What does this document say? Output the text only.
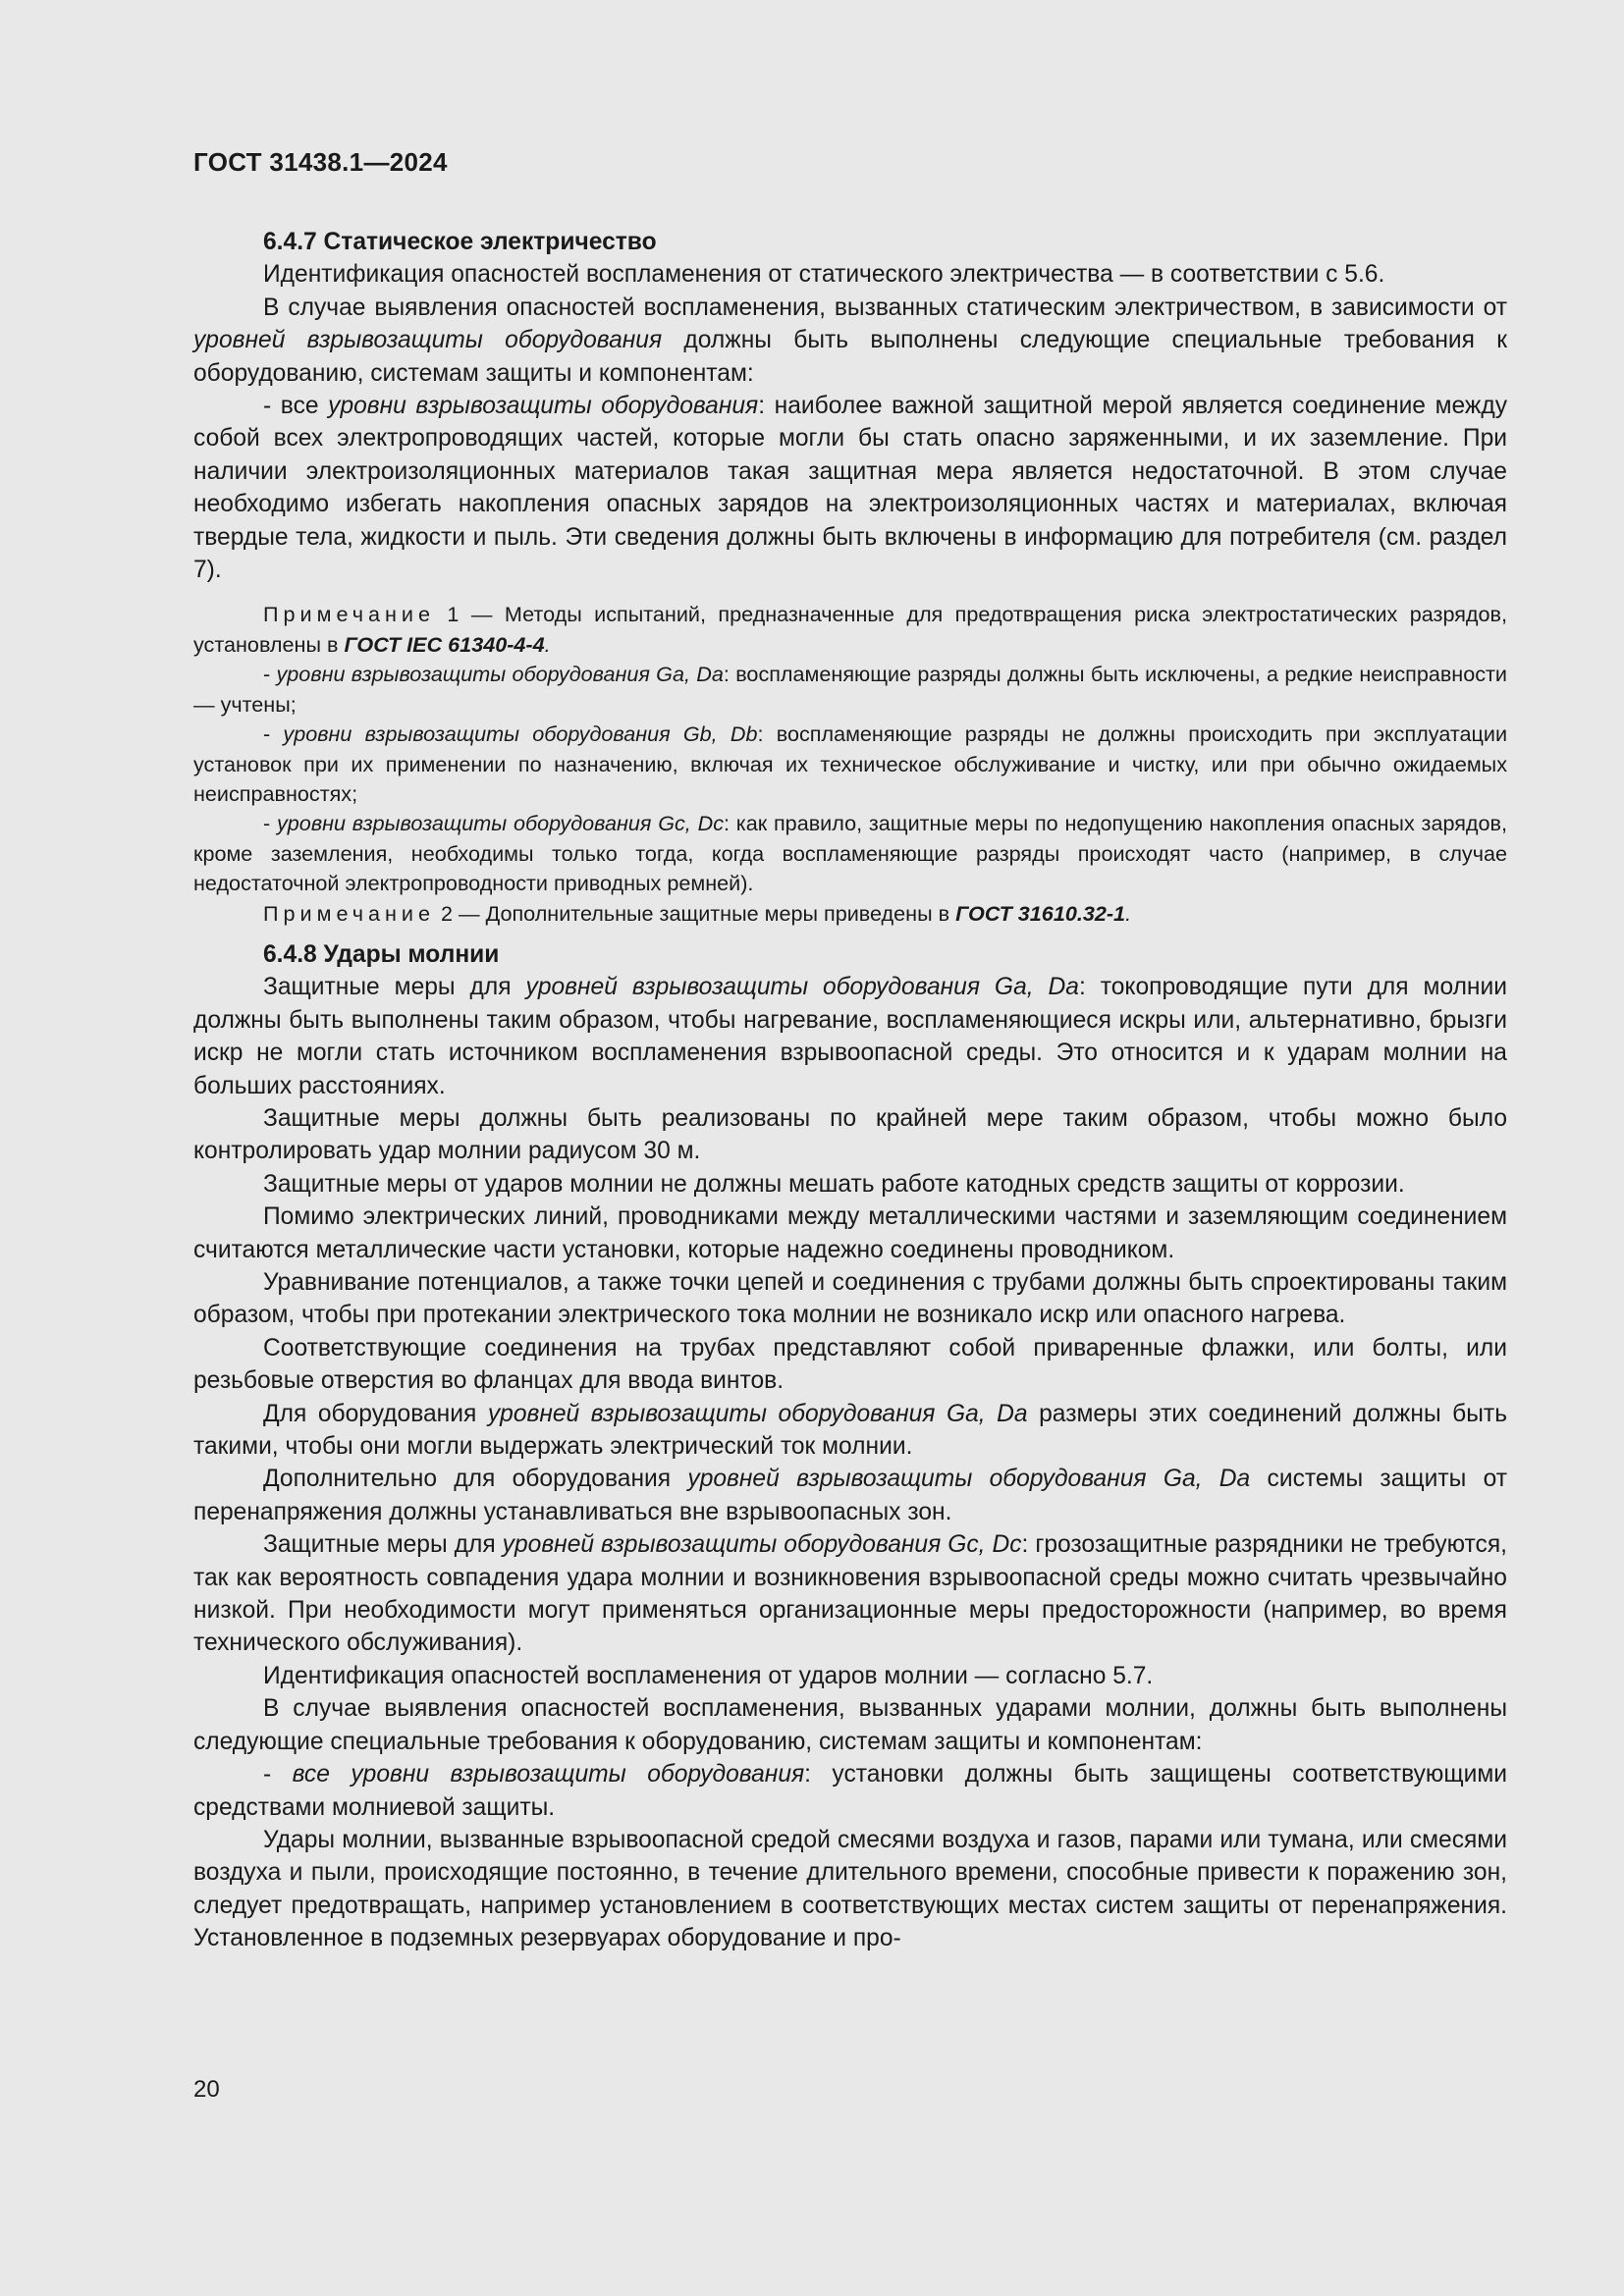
ГОСТ 31438.1—2024
6.4.7 Статическое электричество

Идентификация опасностей воспламенения от статического электричества — в соответствии с 5.6.

В случае выявления опасностей воспламенения, вызванных статическим электричеством, в зависимости от уровней взрывозащиты оборудования должны быть выполнены следующие специальные требования к оборудованию, системам защиты и компонентам:

- все уровни взрывозащиты оборудования: наиболее важной защитной мерой является соединение между собой всех электропроводящих частей, которые могли бы стать опасно заряженными, и их заземление. При наличии электроизоляционных материалов такая защитная мера является недостаточной. В этом случае необходимо избегать накопления опасных зарядов на электроизоляционных частях и материалах, включая твердые тела, жидкости и пыль. Эти сведения должны быть включены в информацию для потребителя (см. раздел 7).

Примечание 1 — Методы испытаний, предназначенные для предотвращения риска электростатических разрядов, установлены в ГОСТ IEC 61340-4-4.

- уровни взрывозащиты оборудования Ga, Da: воспламеняющие разряды должны быть исключены, а редкие неисправности — учтены;

- уровни взрывозащиты оборудования Gb, Db: воспламеняющие разряды не должны происходить при эксплуатации установок при их применении по назначению, включая их техническое обслуживание и чистку, или при обычно ожидаемых неисправностях;

- уровни взрывозащиты оборудования Gc, Dc: как правило, защитные меры по недопущению накопления опасных зарядов, кроме заземления, необходимы только тогда, когда воспламеняющие разряды происходят часто (например, в случае недостаточной электропроводности приводных ремней).

Примечание 2 — Дополнительные защитные меры приведены в ГОСТ 31610.32-1.

6.4.8 Удары молнии

Защитные меры для уровней взрывозащиты оборудования Ga, Da: токопроводящие пути для молнии должны быть выполнены таким образом, чтобы нагревание, воспламеняющиеся искры или, альтернативно, брызги искр не могли стать источником воспламенения взрывоопасной среды. Это относится и к ударам молнии на больших расстояниях.

Защитные меры должны быть реализованы по крайней мере таким образом, чтобы можно было контролировать удар молнии радиусом 30 м.

Защитные меры от ударов молнии не должны мешать работе катодных средств защиты от коррозии.

Помимо электрических линий, проводниками между металлическими частями и заземляющим соединением считаются металлические части установки, которые надежно соединены проводником.

Уравнивание потенциалов, а также точки цепей и соединения с трубами должны быть спроектированы таким образом, чтобы при протекании электрического тока молнии не возникало искр или опасного нагрева.

Соответствующие соединения на трубах представляют собой приваренные флажки, или болты, или резьбовые отверстия во фланцах для ввода винтов.

Для оборудования уровней взрывозащиты оборудования Ga, Da размеры этих соединений должны быть такими, чтобы они могли выдержать электрический ток молнии.

Дополнительно для оборудования уровней взрывозащиты оборудования Ga, Da системы защиты от перенапряжения должны устанавливаться вне взрывоопасных зон.

Защитные меры для уровней взрывозащиты оборудования Gc, Dc: грозозащитные разрядники не требуются, так как вероятность совпадения удара молнии и возникновения взрывоопасной среды можно считать чрезвычайно низкой. При необходимости могут применяться организационные меры предосторожности (например, во время технического обслуживания).

Идентификация опасностей воспламенения от ударов молнии — согласно 5.7.

В случае выявления опасностей воспламенения, вызванных ударами молнии, должны быть выполнены следующие специальные требования к оборудованию, системам защиты и компонентам:

- все уровни взрывозащиты оборудования: установки должны быть защищены соответствующими средствами молниевой защиты.

Удары молнии, вызванные взрывоопасной средой смесями воздуха и газов, парами или тумана, или смесями воздуха и пыли, происходящие постоянно, в течение длительного времени, способные привести к поражению зон, следует предотвращать, например установлением в соответствующих местах систем защиты от перенапряжения. Установленное в подземных резервуарах оборудование и про-

20
